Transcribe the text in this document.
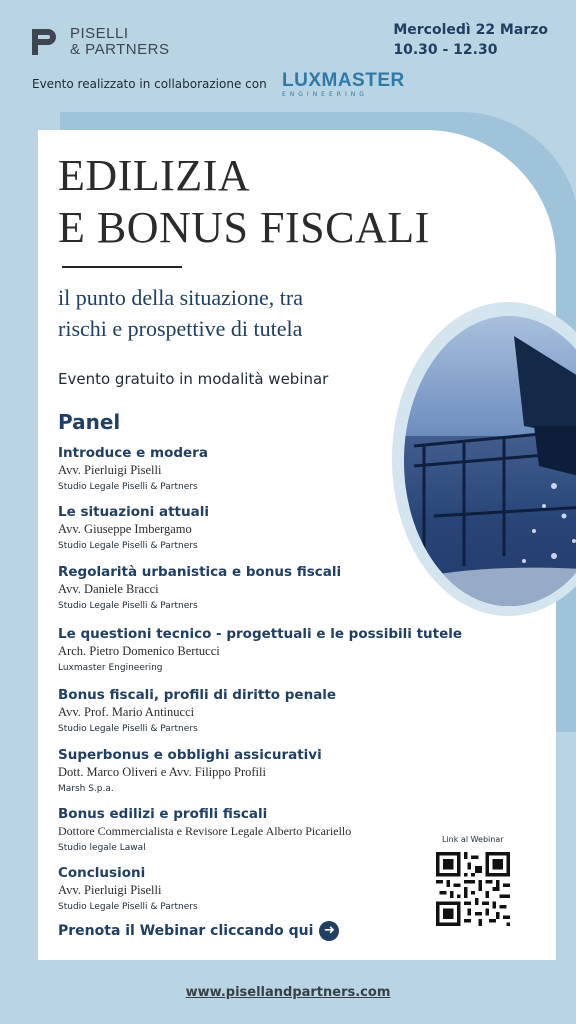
PISELLI
& PARTNERS
Mercoledì 22 Marzo
10.30 - 12.30
Evento realizzato in collaborazione con LUXMASTER
ENGINEERING
EDILIZIA
E BONUS FISCALI
il punto della situazione, tra
rischi e prospettive di tutela
Evento gratuito in modalità webinar
Panel
Introduce e modera
Avv. Pierluigi Piselli
Studio Legale Piselli & Partners
Le situazioni attuali
Avv. Giuseppe Imbergamo
Studio Legale Piselli & Partners
Regolarità urbanistica e bonus fiscali
Avv. Daniele Bracci
Studio Legale Piselli & Partners
Le questioni tecnico - progettuali e le possibili tutele
Arch. Pietro Domenico Bertucci
Luxmaster Engineering
Bonus fiscali, profili di diritto penale
Avv. Prof. Mario Antinucci
Studio Legale Piselli & Partners
Superbonus e obblighi assicurativi
Dott. Marco Oliveri e Avv. Filippo Profili
Marsh S.p.a.
Bonus edilizi e profili fiscali
Dottore Commercialista e Revisore Legale Alberto Picariello
Studio legale Lawal
Conclusioni
Avv. Pierluigi Piselli
Studio Legale Piselli & Partners
Prenota il Webinar cliccando qui ➜
Link al Webinar
www.pisellandpartners.com
